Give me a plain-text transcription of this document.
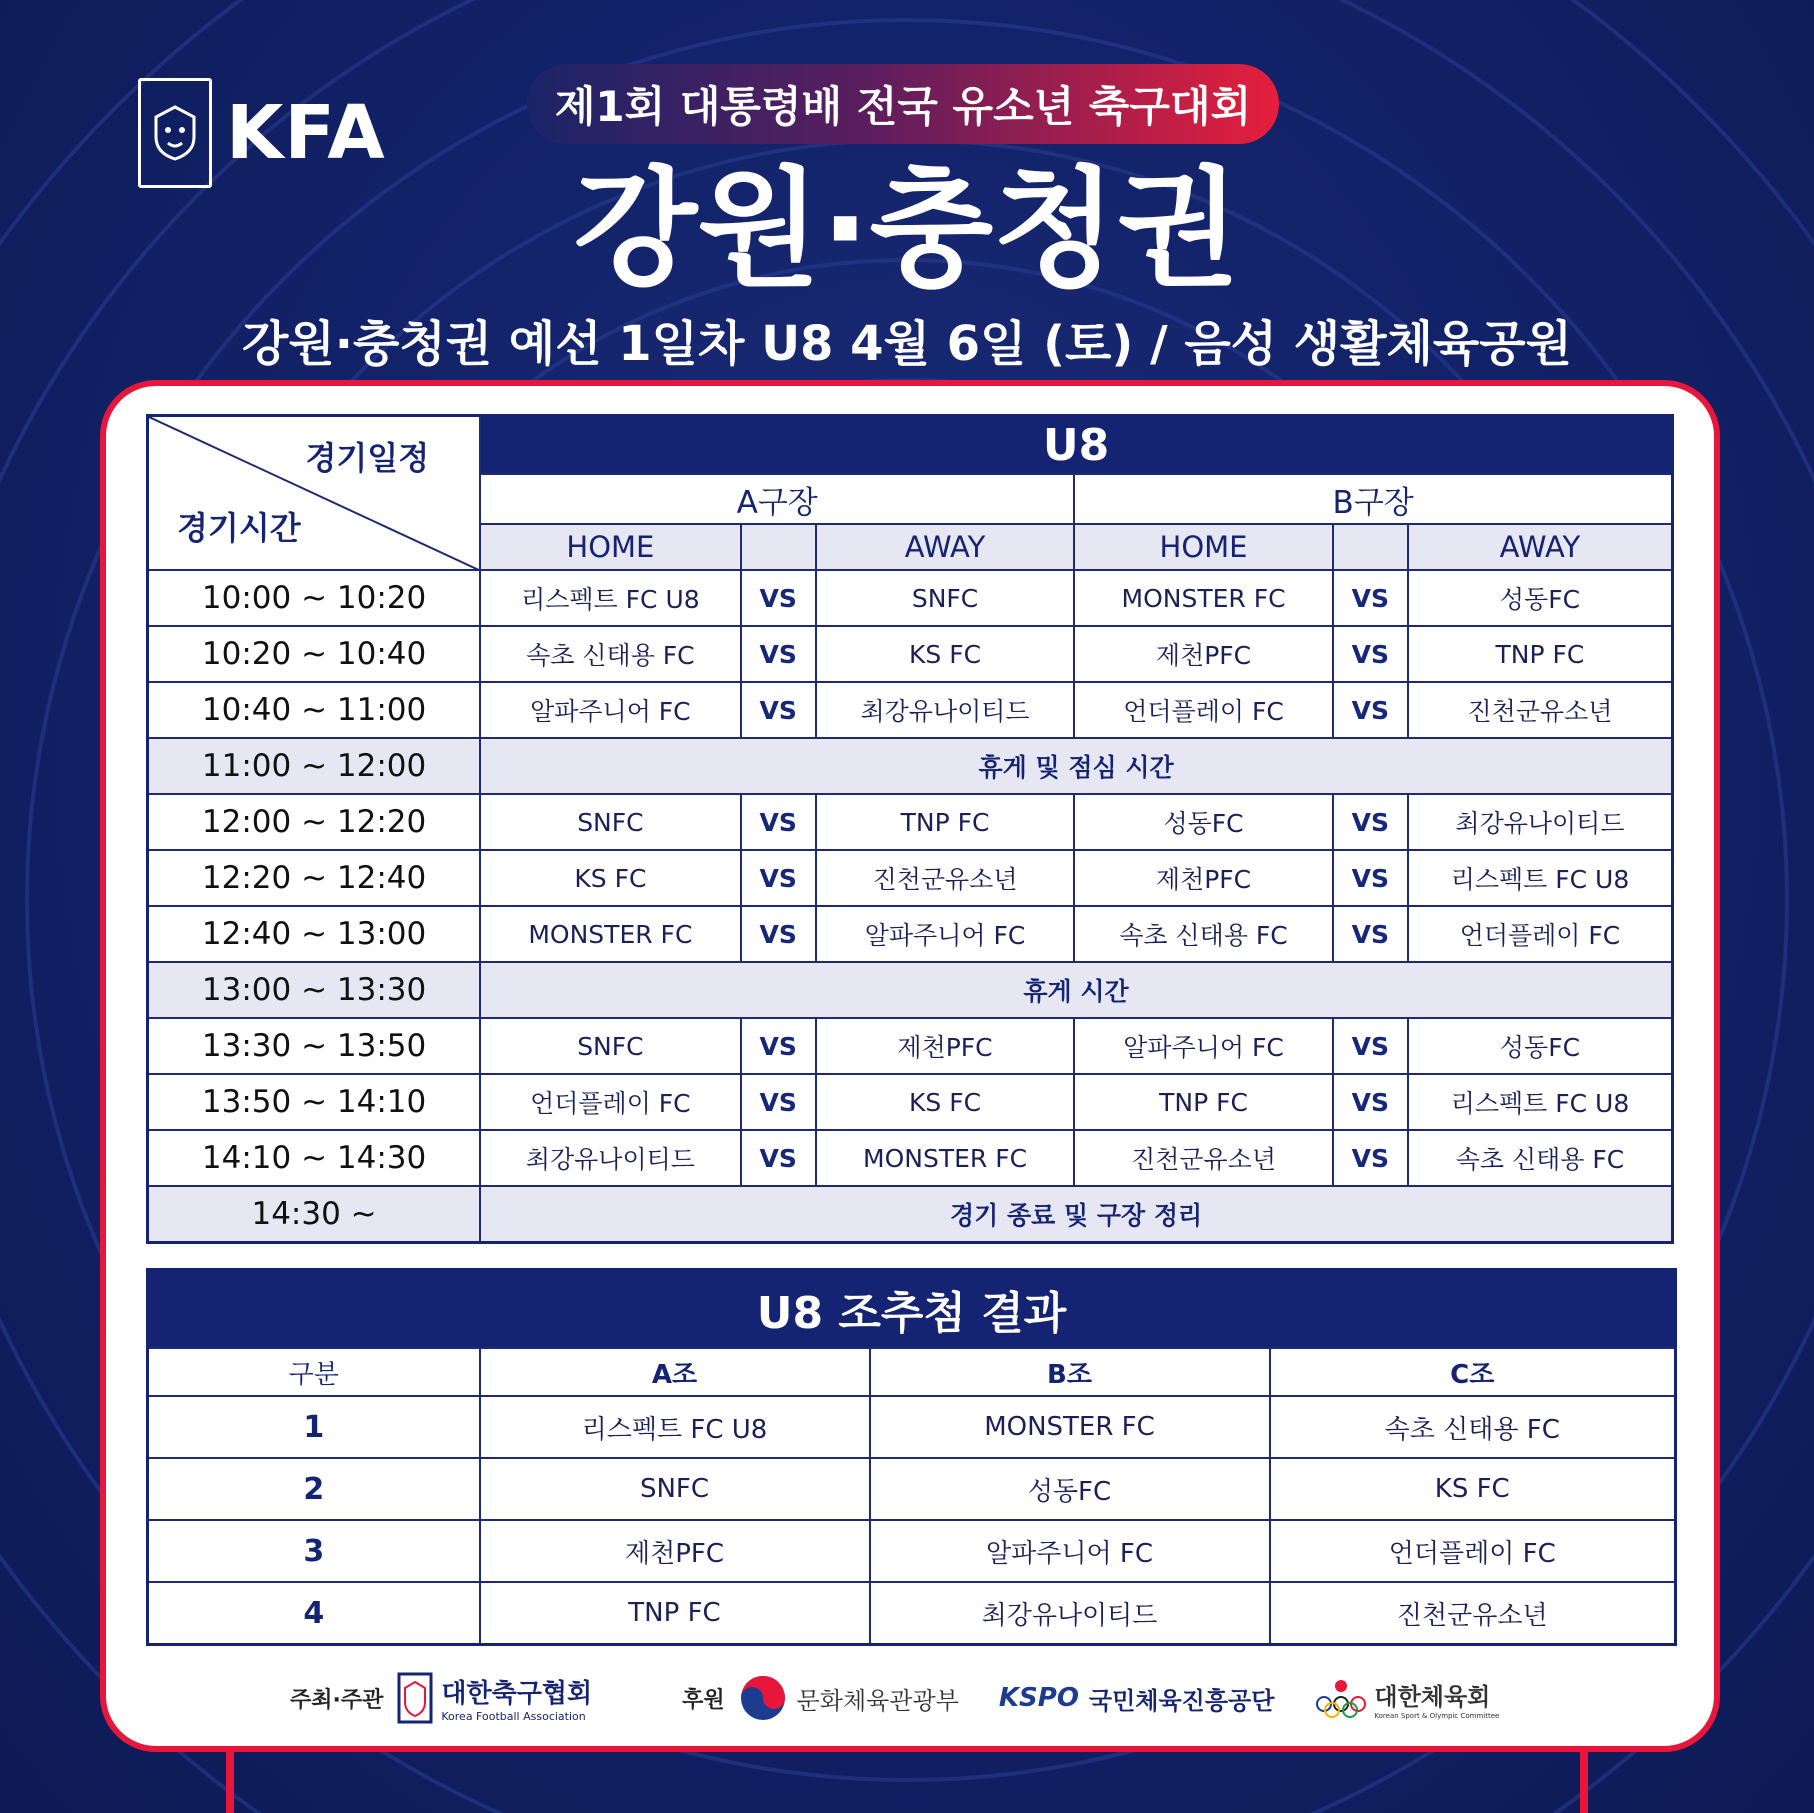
KFA	제1회 대통령배 전국 유소년 축구대회
강원·충청권
강원·충청권 예선 1일차 U8 4월 6일 (토) / 음성 생활체육공원
경기일정
경기시간	U8					
	A구장			B구장		
	HOME		AWAY	HOME		AWAY
10:00 ~ 10:20	리스펙트 FC U8	VS	SNFC	MONSTER FC	VS	성동FC
10:20 ~ 10:40	속초 신태용 FC	VS	KS FC	제천PFC	VS	TNP FC
10:40 ~ 11:00	알파주니어 FC	VS	최강유나이티드	언더플레이 FC	VS	진천군유소년
11:00 ~ 12:00	휴게 및 점심 시간					
12:00 ~ 12:20	SNFC	VS	TNP FC	성동FC	VS	최강유나이티드
12:20 ~ 12:40	KS FC	VS	진천군유소년	제천PFC	VS	리스펙트 FC U8
12:40 ~ 13:00	MONSTER FC	VS	알파주니어 FC	속초 신태용 FC	VS	언더플레이 FC
13:00 ~ 13:30	휴게 시간					
13:30 ~ 13:50	SNFC	VS	제천PFC	알파주니어 FC	VS	성동FC
13:50 ~ 14:10	언더플레이 FC	VS	KS FC	TNP FC	VS	리스펙트 FC U8
14:10 ~ 14:30	최강유나이티드	VS	MONSTER FC	진천군유소년	VS	속초 신태용 FC
14:30 ~	경기 종료 및 구장 정리					
U8 조추첨 결과			
구분	A조	B조	C조
1	리스펙트 FC U8	MONSTER FC	속초 신태용 FC
2	SNFC	성동FC	KS FC
3	제천PFC	알파주니어 FC	언더플레이 FC
4	TNP FC	최강유나이티드	진천군유소년
주최·주관 대한축구협회
Korea Football Association
후원	문화체육관광부 KSPO 국민체육진흥공단	대한체육회
Korean Sport & Olympic Committee
